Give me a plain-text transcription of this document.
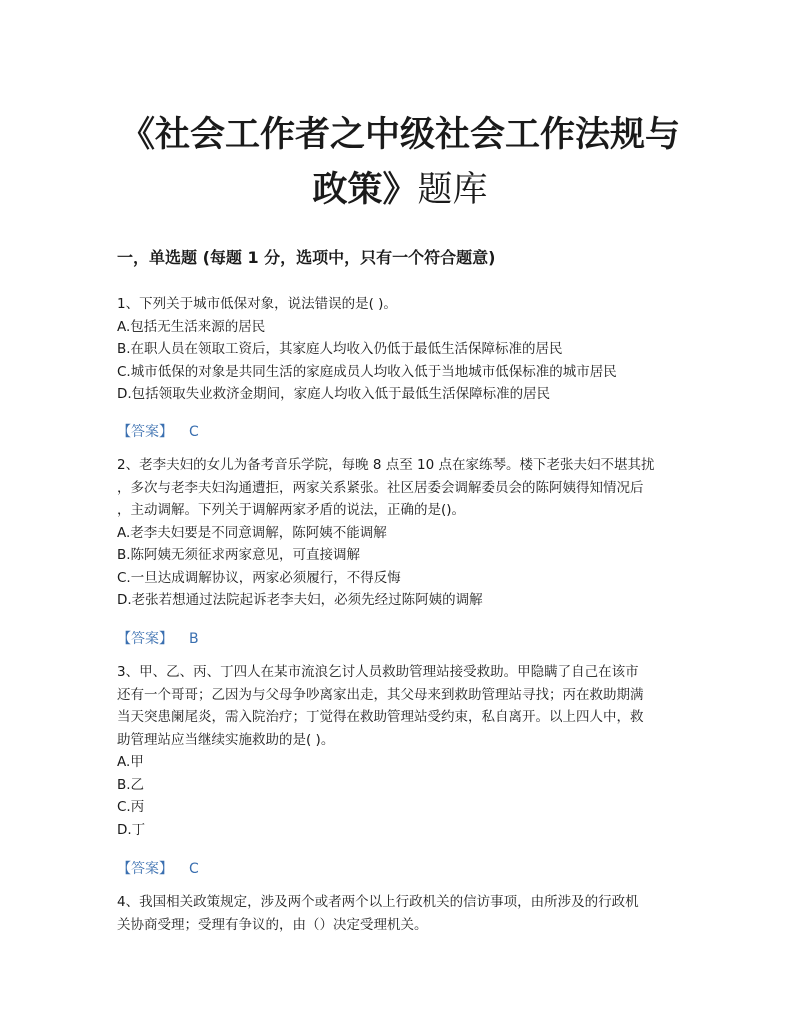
《社会工作者之中级社会工作法规与
政策》题库
一，单选题 (每题 1 分，选项中，只有一个符合题意)

1、下列关于城市低保对象，说法错误的是( )。

A.包括无生活来源的居民

B.在职人员在领取工资后，其家庭人均收入仍低于最低生活保障标准的居民

C.城市低保的对象是共同生活的家庭成员人均收入低于当地城市低保标准的城市居民

D.包括领取失业救济金期间，家庭人均收入低于最低生活保障标准的居民

【答案】 C

2、老李夫妇的女儿为备考音乐学院，每晚 8 点至 10 点在家练琴。楼下老张夫妇不堪其扰

，多次与老李夫妇沟通遭拒，两家关系紧张。社区居委会调解委员会的陈阿姨得知情况后

，主动调解。下列关于调解两家矛盾的说法，正确的是()。

A.老李夫妇要是不同意调解，陈阿姨不能调解

B.陈阿姨无须征求两家意见，可直接调解

C.一旦达成调解协议，两家必须履行，不得反悔

D.老张若想通过法院起诉老李夫妇，必须先经过陈阿姨的调解

【答案】 B

3、甲、乙、丙、丁四人在某市流浪乞讨人员救助管理站接受救助。甲隐瞒了自己在该市

还有一个哥哥；乙因为与父母争吵离家出走，其父母来到救助管理站寻找；丙在救助期满

当天突患阑尾炎，需入院治疗；丁觉得在救助管理站受约束，私自离开。以上四人中，救

助管理站应当继续实施救助的是( )。

A.甲

B.乙

C.丙

D.丁

【答案】 C

4、我国相关政策规定，涉及两个或者两个以上行政机关的信访事项，由所涉及的行政机

关协商受理；受理有争议的，由（）决定受理机关。
